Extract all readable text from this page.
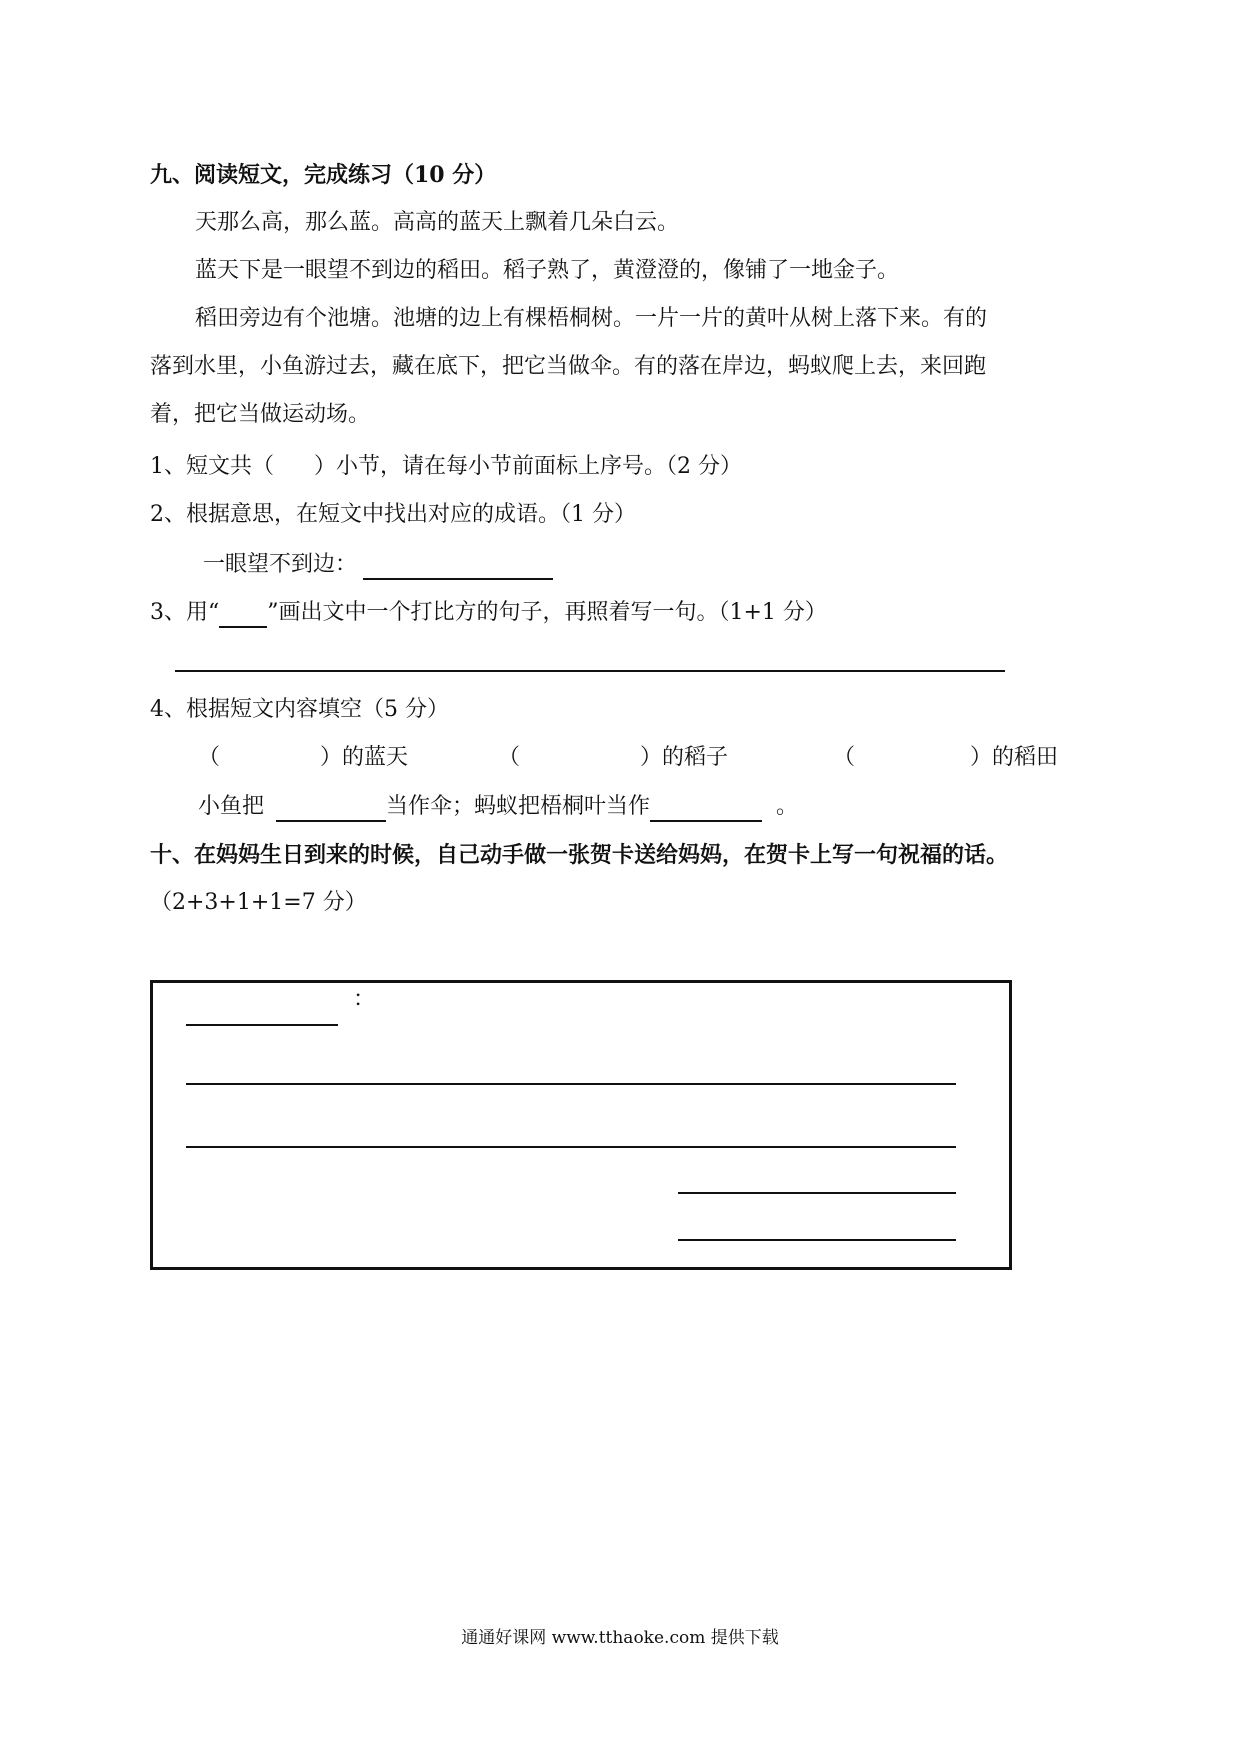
九、阅读短文，完成练习（10 分）
天那么高，那么蓝。高高的蓝天上飘着几朵白云。
蓝天下是一眼望不到边的稻田。稻子熟了，黄澄澄的，像铺了一地金子。
稻田旁边有个池塘。池塘的边上有棵梧桐树。一片一片的黄叶从树上落下来。有的
落到水里，小鱼游过去，藏在底下，把它当做伞。有的落在岸边，蚂蚁爬上去，来回跑
着，把它当做运动场。
1、短文共（ ）小节，请在每小节前面标上序号。（2 分）
2、根据意思，在短文中找出对应的成语。（1 分）
一眼望不到边：
3、用“ ”画出文中一个打比方的句子，再照着写一句。（1+1 分）
4、根据短文内容填空（5 分）
（	）的蓝天	（	）的稻子	（	）的稻田
小鱼把	当作伞；蚂蚁把梧桐叶当作	。
十、在妈妈生日到来的时候，自己动手做一张贺卡送给妈妈，在贺卡上写一句祝福的话。
（2+3+1+1=7 分）
：
通通好课网 www.tthaoke.com 提供下载
